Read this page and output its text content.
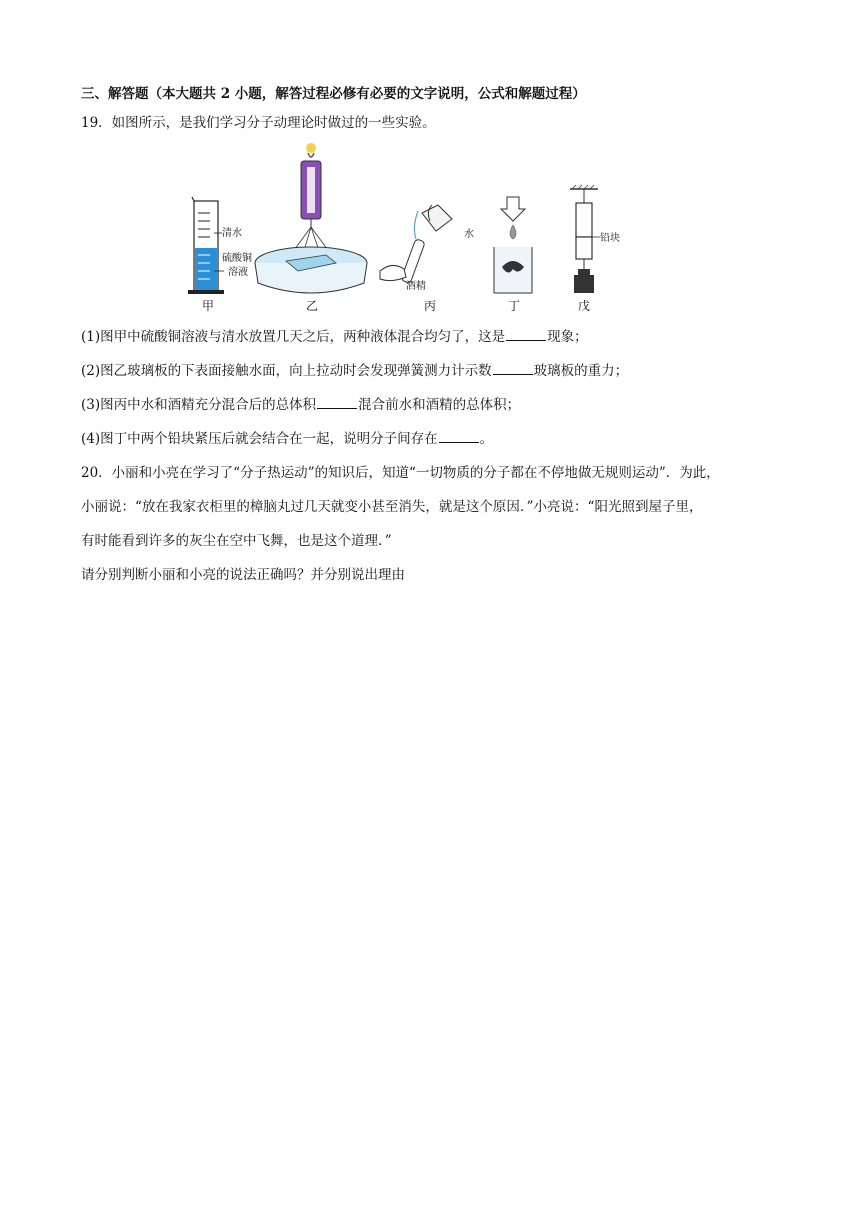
三、解答题（本大题共 2 小题，解答过程必修有必要的文字说明，公式和解题过程）
19．如图所示，是我们学习分子动理论时做过的一些实验。
清水
硫酸铜
溶液
甲	乙
水
酒精
丙	丁
铅块
戊
(1)图甲中硫酸铜溶液与清水放置几天之后，两种液体混合均匀了，这是	现象；
(2)图乙玻璃板的下表面接触水面，向上拉动时会发现弹簧测力计示数	玻璃板的重力；
(3)图丙中水和酒精充分混合后的总体积	混合前水和酒精的总体积；
(4)图丁中两个铅块紧压后就会结合在一起，说明分子间存在	。
20．小丽和小亮在学习了“分子热运动”的知识后，知道“一切物质的分子都在不停地做无规则运动”．为此，
小丽说：“放在我家衣柜里的樟脑丸过几天就变小甚至消失，就是这个原因．”小亮说：“阳光照到屋子里，
有时能看到许多的灰尘在空中飞舞，也是这个道理．”
请分别判断小丽和小亮的说法正确吗？并分别说出理由
